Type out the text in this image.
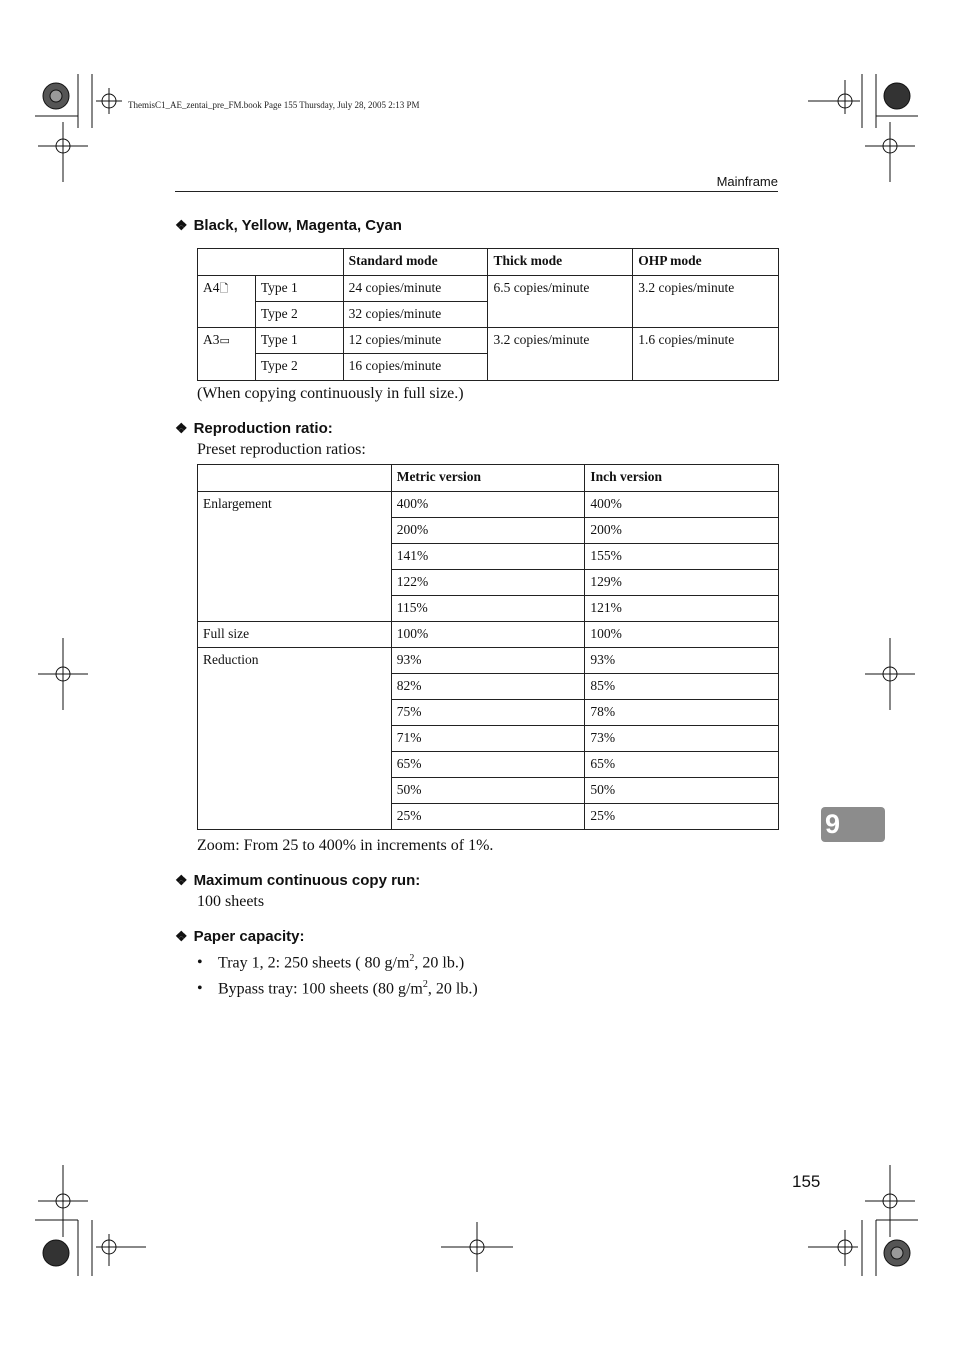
ThemisC1_AE_zentai_pre_FM.book Page 155 Thursday, July 28, 2005 2:13 PM
Mainframe
❖ Black, Yellow, Magenta, Cyan
		Standard mode	Thick mode	OHP mode
A4🗋	Type 1	24 copies/minute	6.5 copies/minute	3.2 copies/minute
	Type 2	32 copies/minute		
A3▭	Type 1	12 copies/minute	3.2 copies/minute	1.6 copies/minute
	Type 2	16 copies/minute		
(When copying continuously in full size.)
❖ Reproduction ratio:
Preset reproduction ratios:
	Metric version	Inch version
Enlargement	400%	400%
	200%	200%
	141%	155%
	122%	129%
	115%	121%
Full size	100%	100%
Reduction	93%	93%
	82%	85%
	75%	78%
	71%	73%
	65%	65%
	50%	50%
	25%	25%
Zoom: From 25 to 400% in increments of 1%.
❖ Maximum continuous copy run:
100 sheets
❖ Paper capacity:
• Tray 1, 2: 250 sheets ( 80 $g/m^2$, 20 lb.)
• Bypass tray: 100 sheets (80 $g/m^2$, 20 lb.)
9
155
